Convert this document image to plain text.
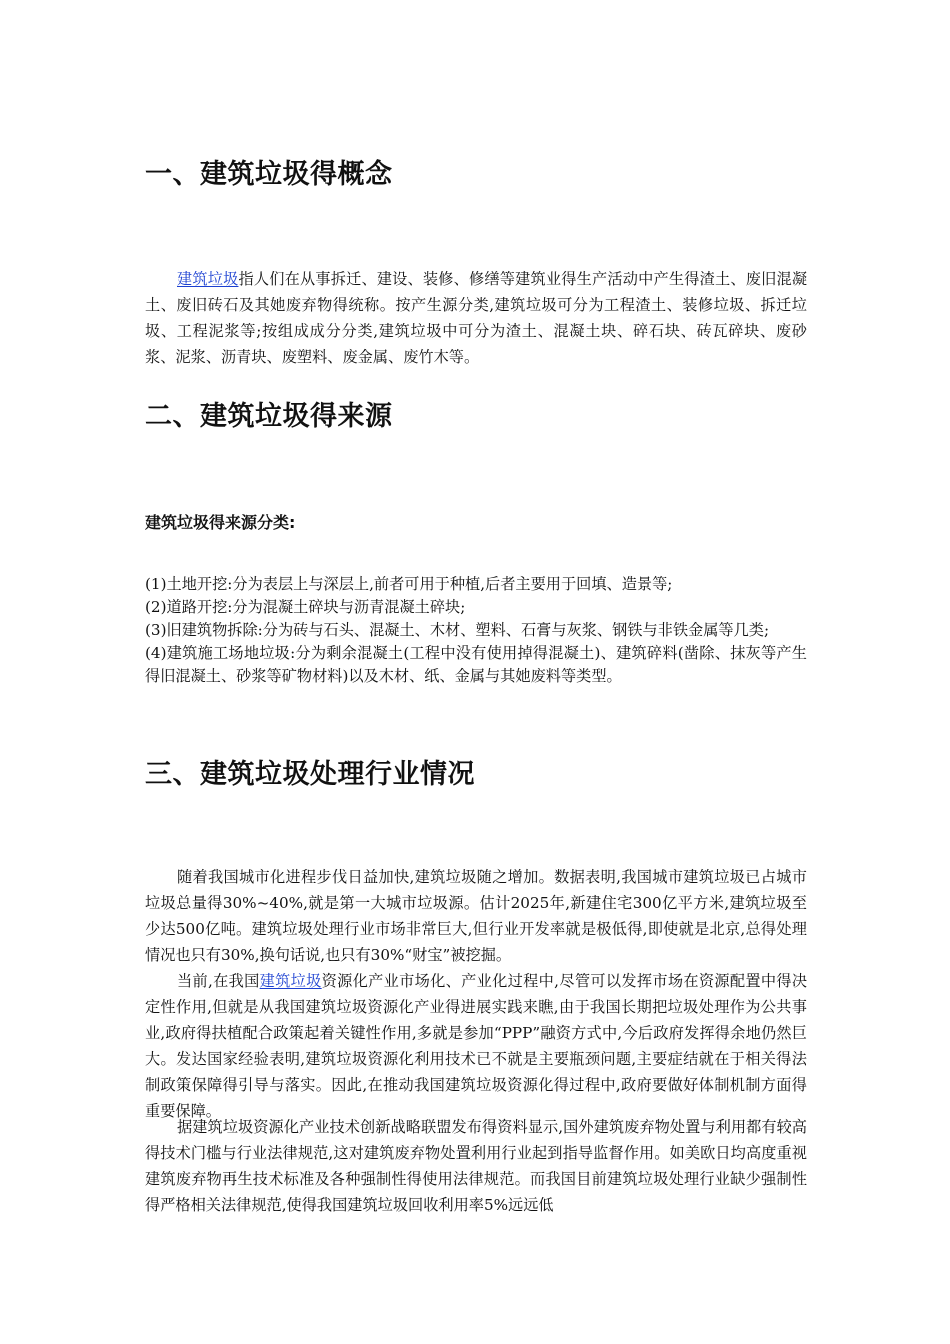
一、建筑垃圾得概念

建筑垃圾指人们在从事拆迁、建设、装修、修缮等建筑业得生产活动中产生得渣土、废旧混凝土、废旧砖石及其她废弃物得统称。按产生源分类,建筑垃圾可分为工程渣土、装修垃圾、拆迁垃圾、工程泥浆等;按组成成分分类,建筑垃圾中可分为渣土、混凝土块、碎石块、砖瓦碎块、废砂浆、泥浆、沥青块、废塑料、废金属、废竹木等。

二、建筑垃圾得来源
建筑垃圾得来源分类:
(1)土地开挖:分为表层上与深层上,前者可用于种植,后者主要用于回填、造景等;
(2)道路开挖:分为混凝土碎块与沥青混凝土碎块;
(3)旧建筑物拆除:分为砖与石头、混凝土、木材、塑料、石膏与灰浆、钢铁与非铁金属等几类;
(4)建筑施工场地垃圾:分为剩余混凝土(工程中没有使用掉得混凝土)、建筑碎料(凿除、抹灰等产生得旧混凝土、砂浆等矿物材料)以及木材、纸、金属与其她废料等类型。
三、建筑垃圾处理行业情况

随着我国城市化进程步伐日益加快,建筑垃圾随之增加。数据表明,我国城市建筑垃圾已占城市垃圾总量得30%~40%,就是第一大城市垃圾源。估计2025年,新建住宅300亿平方米,建筑垃圾至少达500亿吨。建筑垃圾处理行业市场非常巨大,但行业开发率就是极低得,即使就是北京,总得处理情况也只有30%,换句话说,也只有30%“财宝”被挖掘。

当前,在我国建筑垃圾资源化产业市场化、产业化过程中,尽管可以发挥市场在资源配置中得决定性作用,但就是从我国建筑垃圾资源化产业得进展实践来瞧,由于我国长期把垃圾处理作为公共事业,政府得扶植配合政策起着关键性作用,多就是参加“PPP”融资方式中,今后政府发挥得余地仍然巨大。发达国家经验表明,建筑垃圾资源化利用技术已不就是主要瓶颈问题,主要症结就在于相关得法制政策保障得引导与落实。因此,在推动我国建筑垃圾资源化得过程中,政府要做好体制机制方面得重要保障。

据建筑垃圾资源化产业技术创新战略联盟发布得资料显示,国外建筑废弃物处置与利用都有较高得技术门槛与行业法律规范,这对建筑废弃物处置利用行业起到指导监督作用。如美欧日均高度重视建筑废弃物再生技术标准及各种强制性得使用法律规范。而我国目前建筑垃圾处理行业缺少强制性得严格相关法律规范,使得我国建筑垃圾回收利用率5%远远低
